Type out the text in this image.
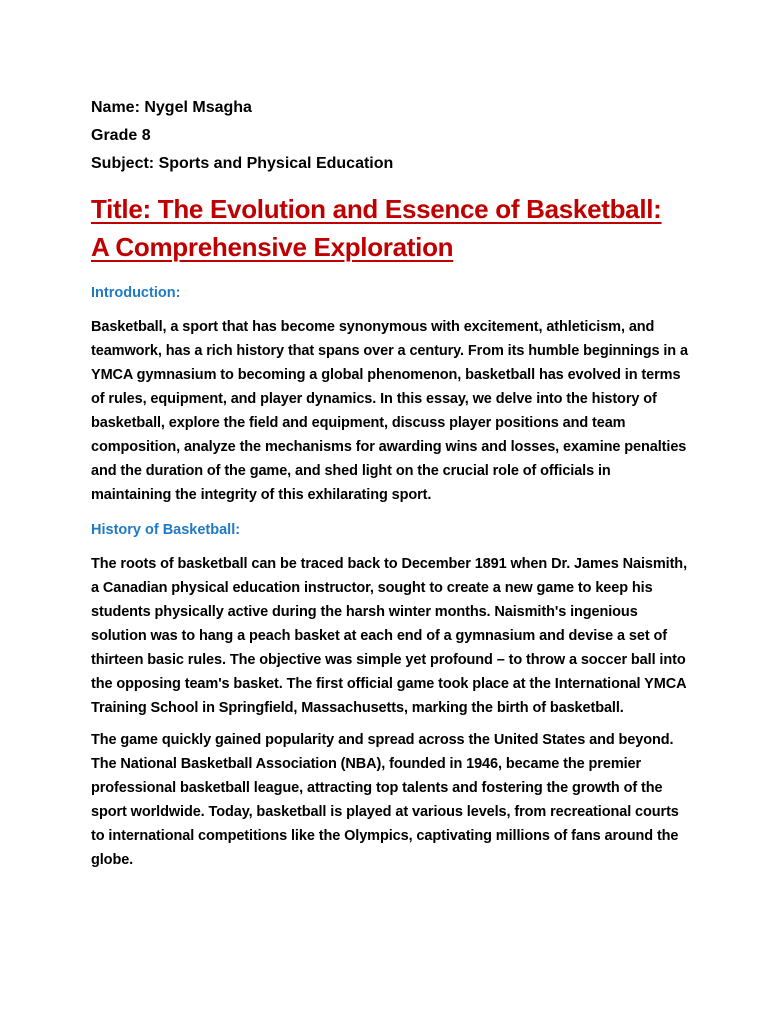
Name: Nygel Msagha

Grade 8

Subject: Sports and Physical Education

Title: The Evolution and Essence of Basketball:
A Comprehensive Exploration
Introduction:

Basketball, a sport that has become synonymous with excitement, athleticism, and teamwork, has a rich history that spans over a century. From its humble beginnings in a YMCA gymnasium to becoming a global phenomenon, basketball has evolved in terms of rules, equipment, and player dynamics. In this essay, we delve into the history of basketball, explore the field and equipment, discuss player positions and team composition, analyze the mechanisms for awarding wins and losses, examine penalties and the duration of the game, and shed light on the crucial role of officials in maintaining the integrity of this exhilarating sport.

History of Basketball:

The roots of basketball can be traced back to December 1891 when Dr. James Naismith, a Canadian physical education instructor, sought to create a new game to keep his students physically active during the harsh winter months. Naismith's ingenious solution was to hang a peach basket at each end of a gymnasium and devise a set of thirteen basic rules. The objective was simple yet profound – to throw a soccer ball into the opposing team's basket. The first official game took place at the International YMCA Training School in Springfield, Massachusetts, marking the birth of basketball.

The game quickly gained popularity and spread across the United States and beyond. The National Basketball Association (NBA), founded in 1946, became the premier professional basketball league, attracting top talents and fostering the growth of the sport worldwide. Today, basketball is played at various levels, from recreational courts to international competitions like the Olympics, captivating millions of fans around the globe.
